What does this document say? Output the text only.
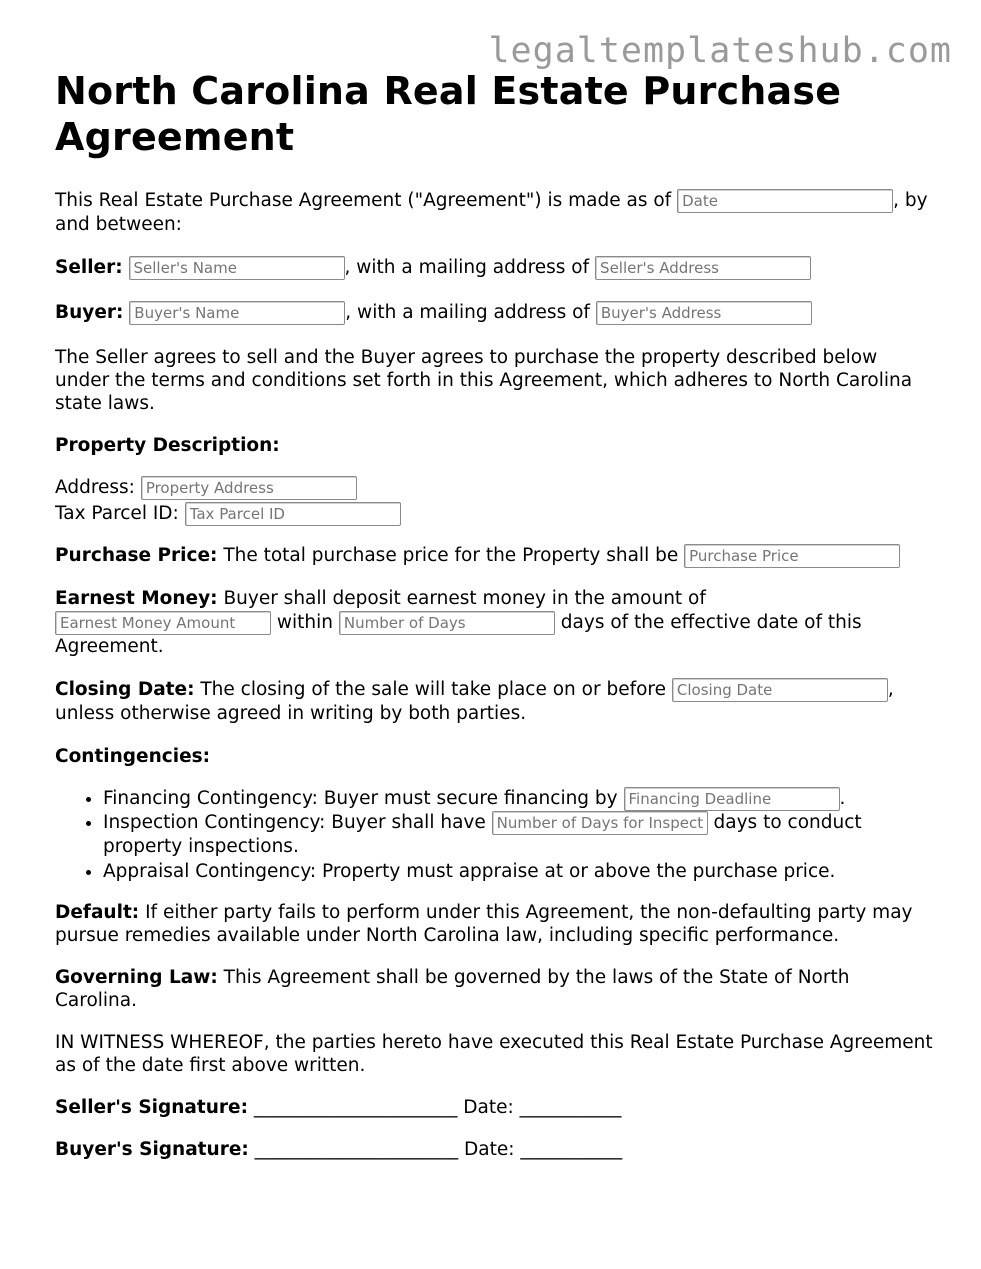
legaltemplateshub.com
North Carolina Real Estate Purchase Agreement

This Real Estate Purchase Agreement ("Agreement") is made as of Date	, by and between:

Seller: Seller's Name	, with a mailing address of Seller's Address

Buyer: Buyer's Name	, with a mailing address of Buyer's Address

The Seller agrees to sell and the Buyer agrees to purchase the property described below under the terms and conditions set forth in this Agreement, which adheres to North Carolina state laws.

Property Description:

Address: Property Address
Tax Parcel ID: Tax Parcel ID

Purchase Price: The total purchase price for the Property shall be Purchase Price

Earnest Money: Buyer shall deposit earnest money in the amount of
Earnest Money Amount within Number of Days	days of the effective date of this Agreement.

Closing Date: The closing of the sale will take place on or before Closing Date	, unless otherwise agreed in writing by both parties.

Contingencies:

• Financing Contingency: Buyer must secure financing by Financing Deadline	.
• Inspection Contingency: Buyer shall have Number of Days for Inspection	days to conduct property inspections.
• Appraisal Contingency: Property must appraise at or above the purchase price.

Default: If either party fails to perform under this Agreement, the non-defaulting party may pursue remedies available under North Carolina law, including specific performance.

Governing Law: This Agreement shall be governed by the laws of the State of North Carolina.

IN WITNESS WHEREOF, the parties hereto have executed this Real Estate Purchase Agreement as of the date first above written.

Seller's Signature: ______________________ Date: ___________

Buyer's Signature: ______________________ Date: ___________
